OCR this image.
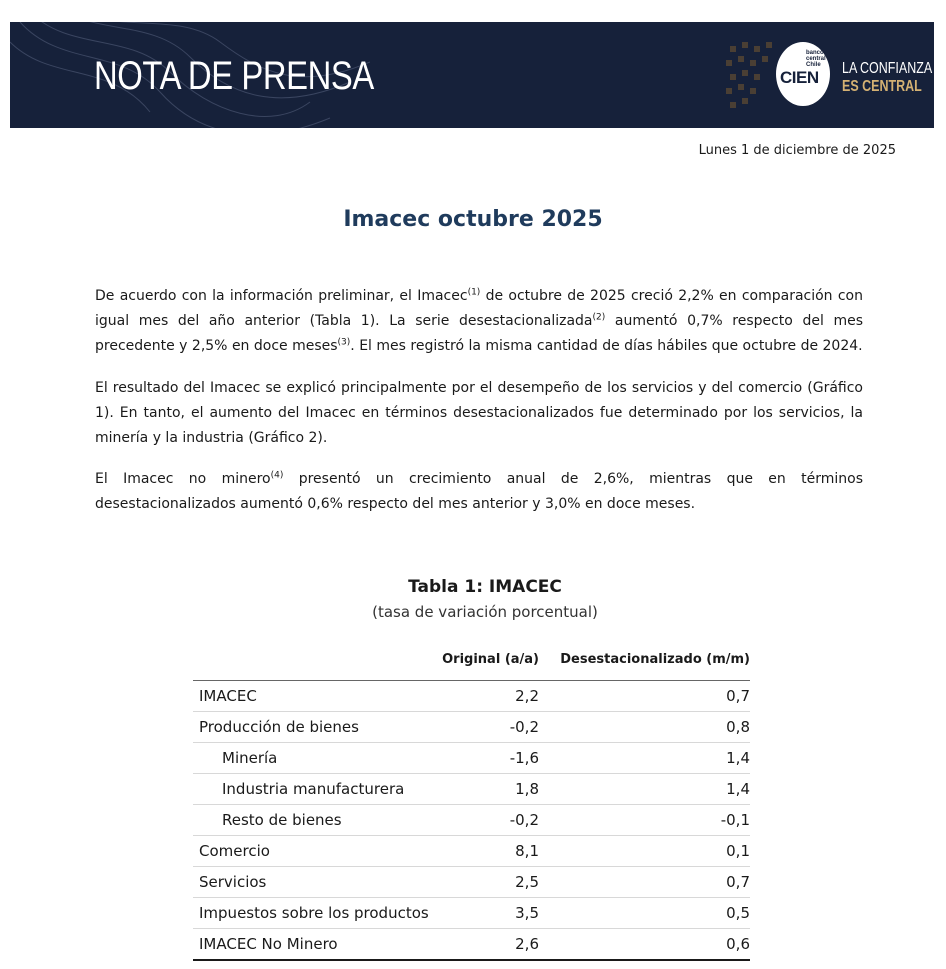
NOTA DE PRENSA
banco central Chile
CIEN LA CONFIANZA
ES CENTRAL
Lunes 1 de diciembre de 2025
Imacec octubre 2025

De acuerdo con la información preliminar, el Imacec$^{(1)}$ de octubre de 2025 creció 2,2% en comparación con igual mes del año anterior (Tabla 1). La serie desestacionalizada$^{(2)}$ aumentó 0,7% respecto del mes precedente y 2,5% en doce meses$^{(3)}$. El mes registró la misma cantidad de días hábiles que octubre de 2024.

El resultado del Imacec se explicó principalmente por el desempeño de los servicios y del comercio (Gráfico 1). En tanto, el aumento del Imacec en términos desestacionalizados fue determinado por los servicios, la minería y la industria (Gráfico 2).

El Imacec no minero$^{(4)}$ presentó un crecimiento anual de 2,6%, mientras que en términos desestacionalizados aumentó 0,6% respecto del mes anterior y 3,0% en doce meses.

Tabla 1: IMACEC
(tasa de variación porcentual)
	Original (a/a)	Desestacionalizado (m/m)
IMACEC	2,2	0,7
Producción de bienes	-0,2	0,8
Minería	-1,6	1,4
Industria manufacturera	1,8	1,4
Resto de bienes	-0,2	-0,1
Comercio	8,1	0,1
Servicios	2,5	0,7
Impuestos sobre los productos	3,5	0,5
IMACEC No Minero	2,6	0,6
